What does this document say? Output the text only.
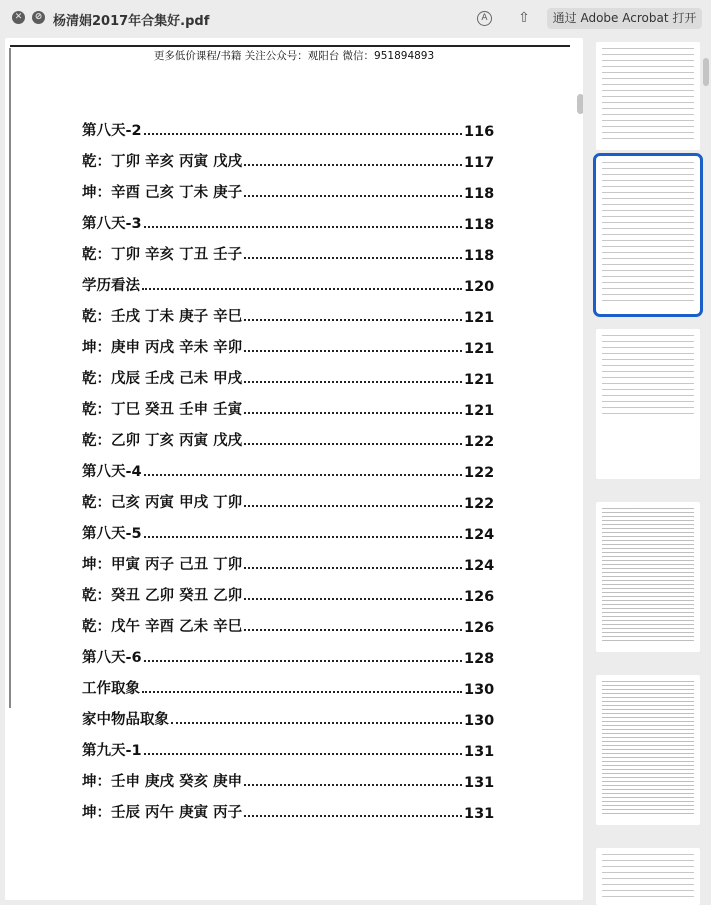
✕	⊘ 杨清娟2017年合集好.pdf	A	⇧	通过 Adobe Acrobat 打开
更多低价课程/书籍 关注公众号：观阳台 微信：951894893
第八天-2	116
乾：丁卯 辛亥 丙寅 戊戌	117
坤：辛酉 己亥 丁未 庚子	118
第八天-3	118
乾：丁卯 辛亥 丁丑 壬子	118
学历看法	120
乾：壬戌 丁未 庚子 辛巳	121
坤：庚申 丙戌 辛未 辛卯	121
乾：戊辰 壬戌 己未 甲戌	121
乾：丁巳 癸丑 壬申 壬寅	121
乾：乙卯 丁亥 丙寅 戊戌	122
第八天-4	122
乾：己亥 丙寅 甲戌 丁卯	122
第八天-5	124
坤：甲寅 丙子 己丑 丁卯	124
乾：癸丑 乙卯 癸丑 乙卯	126
乾：戊午 辛酉 乙未 辛巳	126
第八天-6	128
工作取象	130
家中物品取象	130
第九天-1	131
坤：壬申 庚戌 癸亥 庚申	131
坤：壬辰 丙午 庚寅 丙子	131
